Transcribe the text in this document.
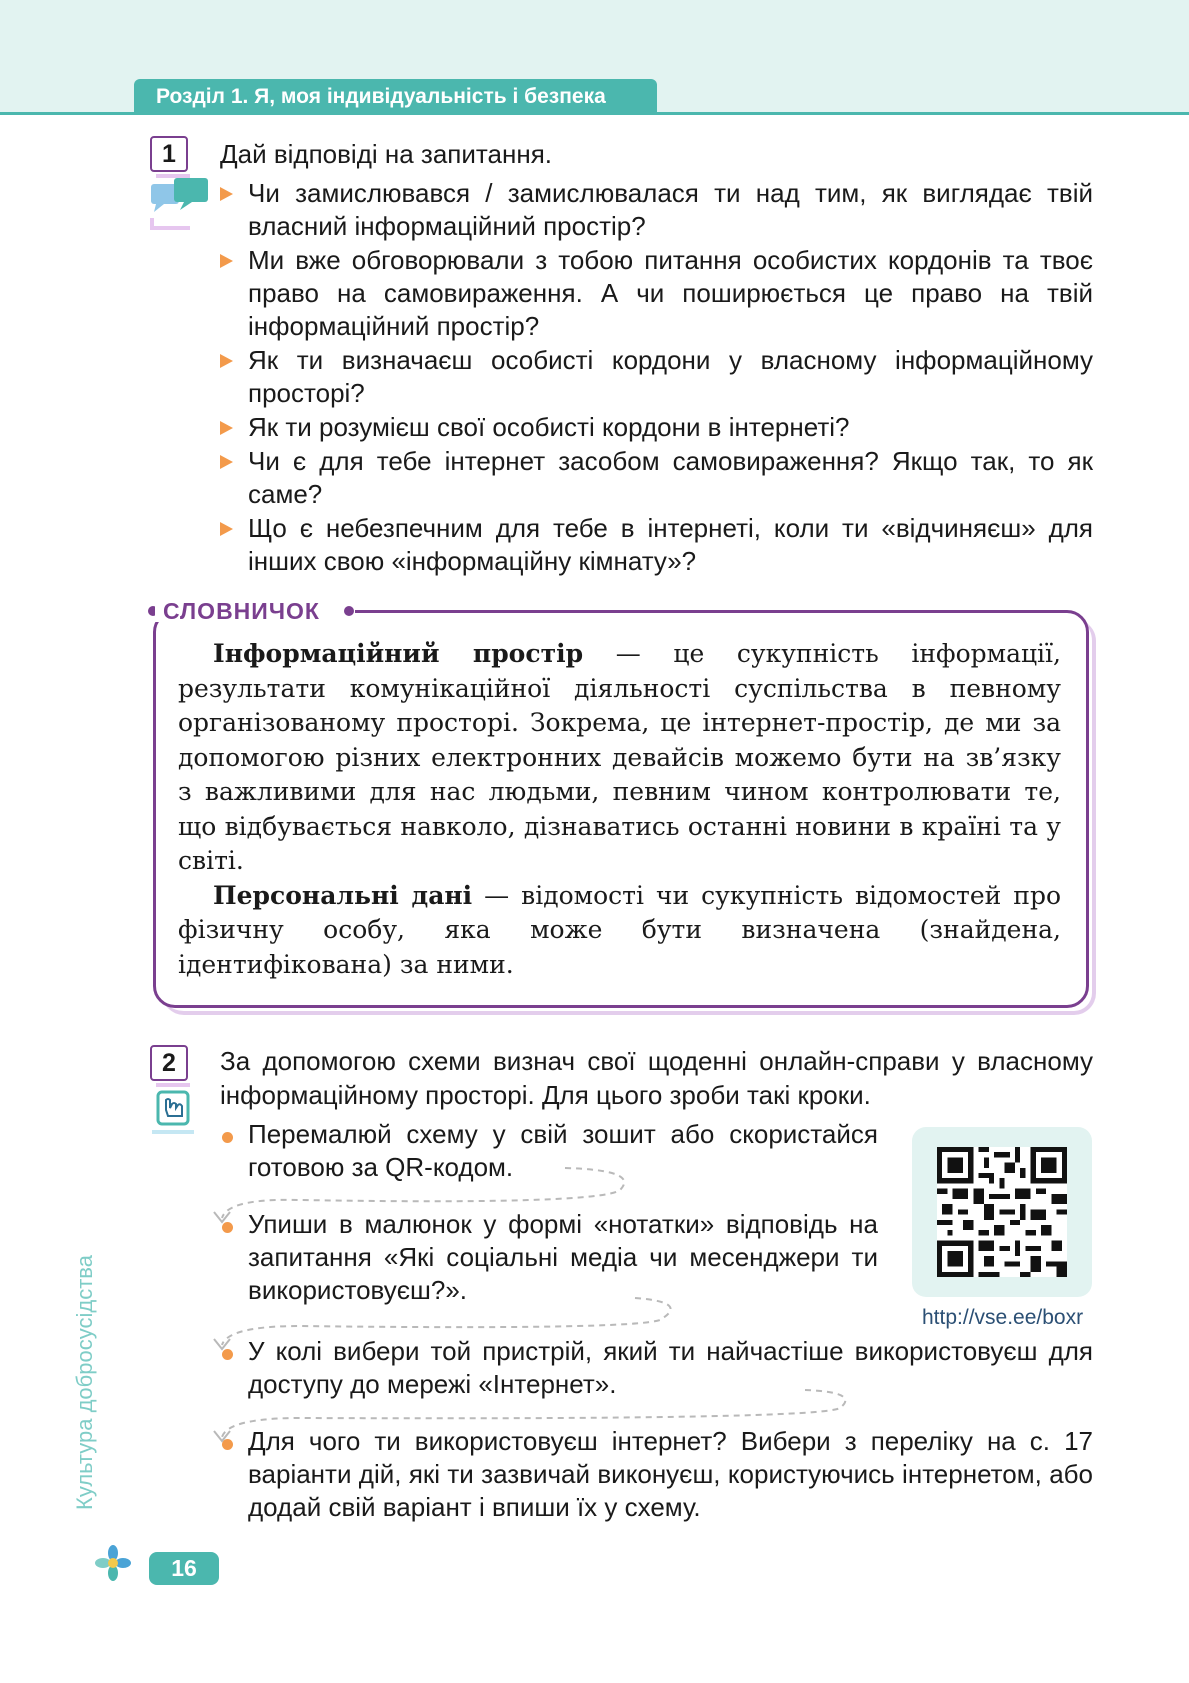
Розділ 1. Я, моя індивідуальність і безпека
1	Дай відповіді на запитання.
Чи замислювався / замислювалася ти над тим, як виглядає твій власний інформаційний простір?
Ми вже обговорювали з тобою питання особистих кордонів та твоє право на самовираження. А чи поширюється це право на твій інформаційний простір?
Як ти визначаєш особисті кордони у власному інформаційному просторі?
Як ти розумієш свої особисті кордони в інтернеті?
Чи є для тебе інтернет засобом самовираження? Якщо так, то як саме?
Що є небезпечним для тебе в інтернеті, коли ти «відчиняєш» для інших свою «інформаційну кімнату»?
СЛОВНИЧОК

Інформаційний простір — це сукупність інформації, результати комунікаційної діяльності суспільства в певному організованому просторі. Зокрема, це інтернет-простір, де ми за допомогою різних електронних девайсів можемо бути на зв’язку з важливими для нас людьми, певним чином контролювати те, що відбувається навколо, дізнаватись останні новини в країні та у світі.

Персональні дані — відомості чи сукупність відомостей про фізичну особу, яка може бути визначена (знайдена, ідентифікована) за ними.

2	За допомогою схеми визнач свої щоденні онлайн-справи у власному інформаційному просторі. Для цього зроби такі кроки.
Перемалюй схему у свій зошит або скористайся готовою за QR-кодом.
Упиши в малюнок у формі «нотатки» відповідь на запитання «Які соціальні медіа чи месенджери ти використовуєш?».
У колі вибери той пристрій, який ти найчастіше використовуєш для доступу до мережі «Інтернет».
Для чого ти використовуєш інтернет? Вибери з переліку на с. 17 варіанти дій, які ти зазвичай виконуєш, користуючись інтернетом, або додай свій варіант і впиши їх у схему.
http://vse.ee/boxr
Культура добросусідства
16
